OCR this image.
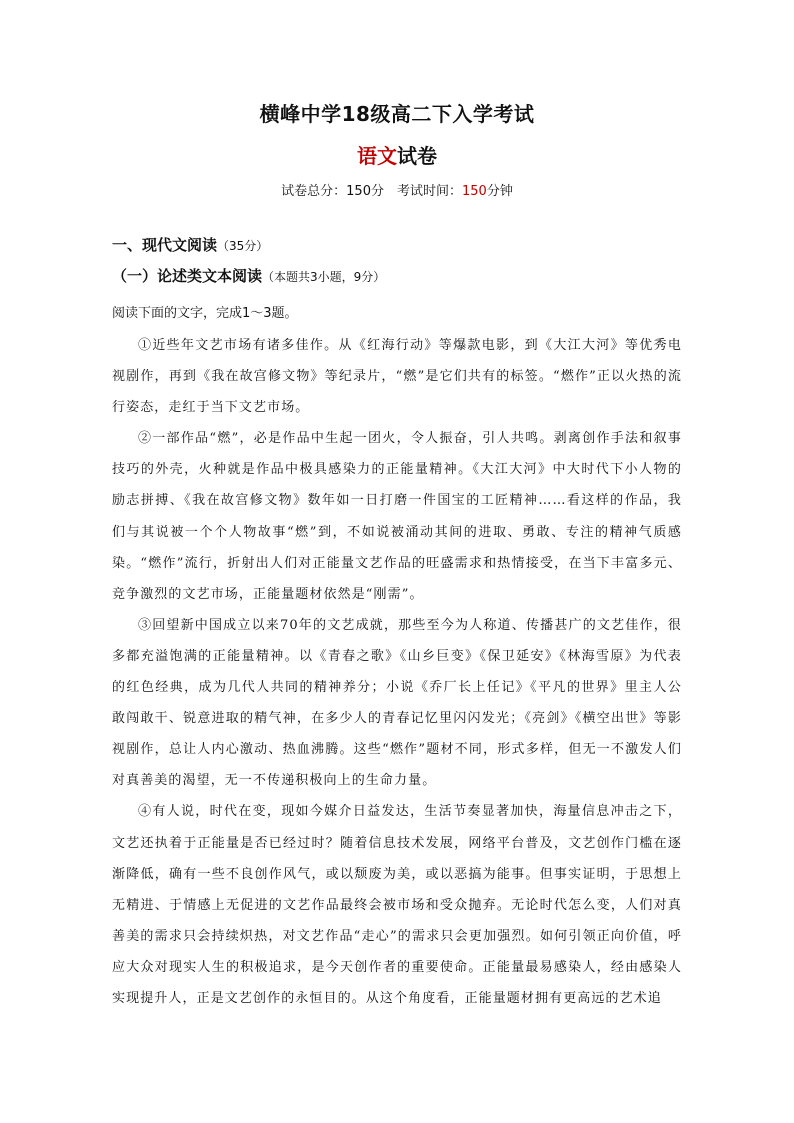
横峰中学18级高二下入学考试
语文试卷
试卷总分：150分　考试时间：150分钟
一、现代文阅读（35分）
（一）论述类文本阅读（本题共3小题，9分）
阅读下面的文字，完成1～3题。

①近些年文艺市场有诸多佳作。从《红海行动》等爆款电影，到《大江大河》等优秀电视剧作，再到《我在故宫修文物》等纪录片，“燃”是它们共有的标签。“燃作”正以火热的流行姿态，走红于当下文艺市场。

②一部作品“燃”，必是作品中生起一团火，令人振奋，引人共鸣。剥离创作手法和叙事技巧的外壳，火种就是作品中极具感染力的正能量精神。《大江大河》中大时代下小人物的励志拼搏、《我在故宫修文物》数年如一日打磨一件国宝的工匠精神……看这样的作品，我们与其说被一个个人物故事“燃”到，不如说被涌动其间的进取、勇敢、专注的精神气质感染。“燃作”流行，折射出人们对正能量文艺作品的旺盛需求和热情接受，在当下丰富多元、竞争激烈的文艺市场，正能量题材依然是“刚需”。

③回望新中国成立以来70年的文艺成就，那些至今为人称道、传播甚广的文艺佳作，很多都充溢饱满的正能量精神。以《青春之歌》《山乡巨变》《保卫延安》《林海雪原》为代表的红色经典，成为几代人共同的精神养分；小说《乔厂长上任记》《平凡的世界》里主人公敢闯敢干、锐意进取的精气神，在多少人的青春记忆里闪闪发光；《亮剑》《横空出世》等影视剧作，总让人内心激动、热血沸腾。这些“燃作”题材不同，形式多样，但无一不激发人们对真善美的渴望，无一不传递积极向上的生命力量。

④有人说，时代在变，现如今媒介日益发达，生活节奏显著加快，海量信息冲击之下，文艺还执着于正能量是否已经过时？随着信息技术发展，网络平台普及，文艺创作门槛在逐渐降低，确有一些不良创作风气，或以颓废为美，或以恶搞为能事。但事实证明，于思想上无精进、于情感上无促进的文艺作品最终会被市场和受众抛弃。无论时代怎么变，人们对真善美的需求只会持续炽热，对文艺作品“走心”的需求只会更加强烈。如何引领正向价值，呼应大众对现实人生的积极追求，是今天创作者的重要使命。正能量最易感染人，经由感染人实现提升人，正是文艺创作的永恒目的。从这个角度看，正能量题材拥有更高远的艺术追
